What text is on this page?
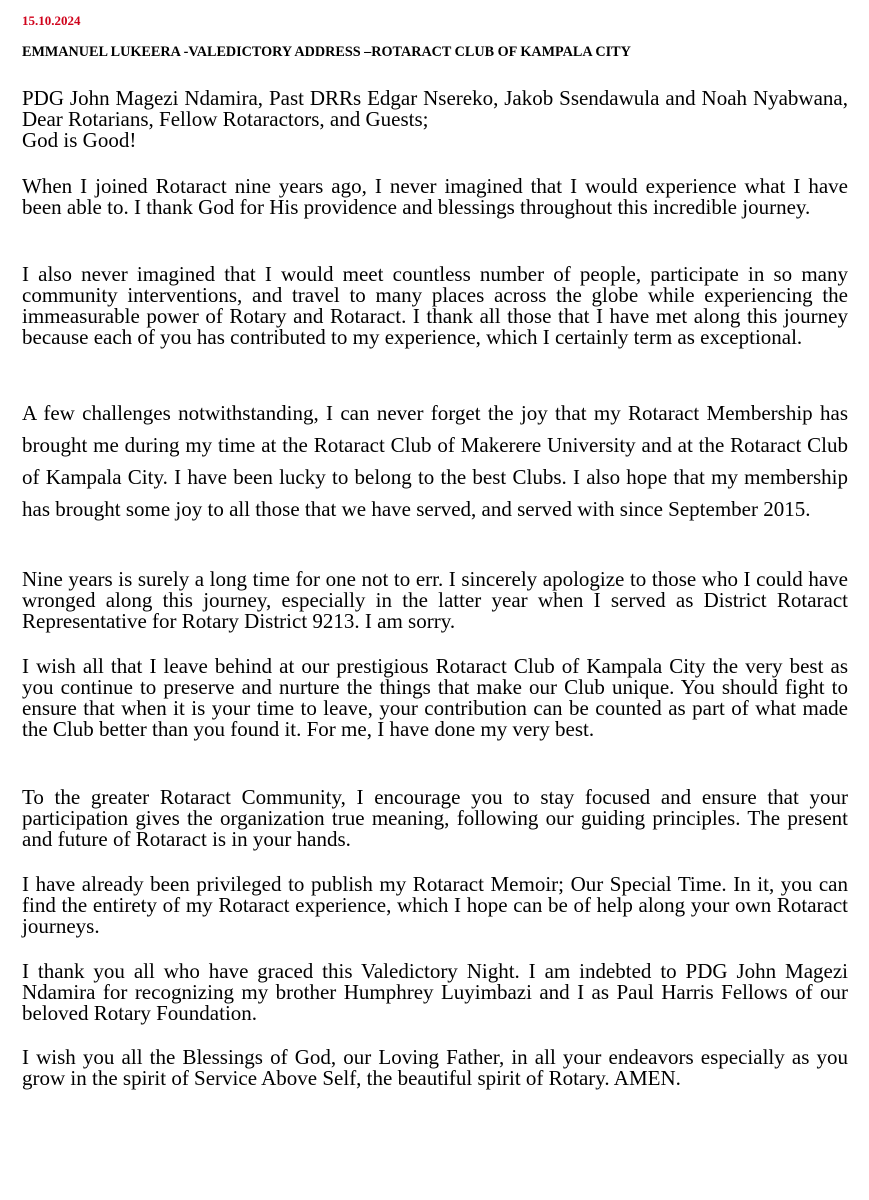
15.10.2024
EMMANUEL LUKEERA -VALEDICTORY ADDRESS –ROTARACT CLUB OF KAMPALA CITY
PDG John Magezi Ndamira, Past DRRs Edgar Nsereko, Jakob Ssendawula and Noah Nyabwana, Dear Rotarians, Fellow Rotaractors, and Guests;
God is Good!

When I joined Rotaract nine years ago, I never imagined that I would experience what I have been able to. I thank God for His providence and blessings throughout this incredible journey.

I also never imagined that I would meet countless number of people, participate in so many community interventions, and travel to many places across the globe while experiencing the immeasurable power of Rotary and Rotaract. I thank all those that I have met along this journey because each of you has contributed to my experience, which I certainly term as exceptional.

A few challenges notwithstanding, I can never forget the joy that my Rotaract Membership has brought me during my time at the Rotaract Club of Makerere University and at the Rotaract Club of Kampala City. I have been lucky to belong to the best Clubs. I also hope that my membership has brought some joy to all those that we have served, and served with since September 2015.

Nine years is surely a long time for one not to err. I sincerely apologize to those who I could have wronged along this journey, especially in the latter year when I served as District Rotaract Representative for Rotary District 9213. I am sorry.

I wish all that I leave behind at our prestigious Rotaract Club of Kampala City the very best as you continue to preserve and nurture the things that make our Club unique. You should fight to ensure that when it is your time to leave, your contribution can be counted as part of what made the Club better than you found it. For me, I have done my very best.

To the greater Rotaract Community, I encourage you to stay focused and ensure that your participation gives the organization true meaning, following our guiding principles. The present and future of Rotaract is in your hands.

I have already been privileged to publish my Rotaract Memoir; Our Special Time. In it, you can find the entirety of my Rotaract experience, which I hope can be of help along your own Rotaract journeys.

I thank you all who have graced this Valedictory Night. I am indebted to PDG John Magezi Ndamira for recognizing my brother Humphrey Luyimbazi and I as Paul Harris Fellows of our beloved Rotary Foundation.

I wish you all the Blessings of God, our Loving Father, in all your endeavors especially as you grow in the spirit of Service Above Self, the beautiful spirit of Rotary. AMEN.
